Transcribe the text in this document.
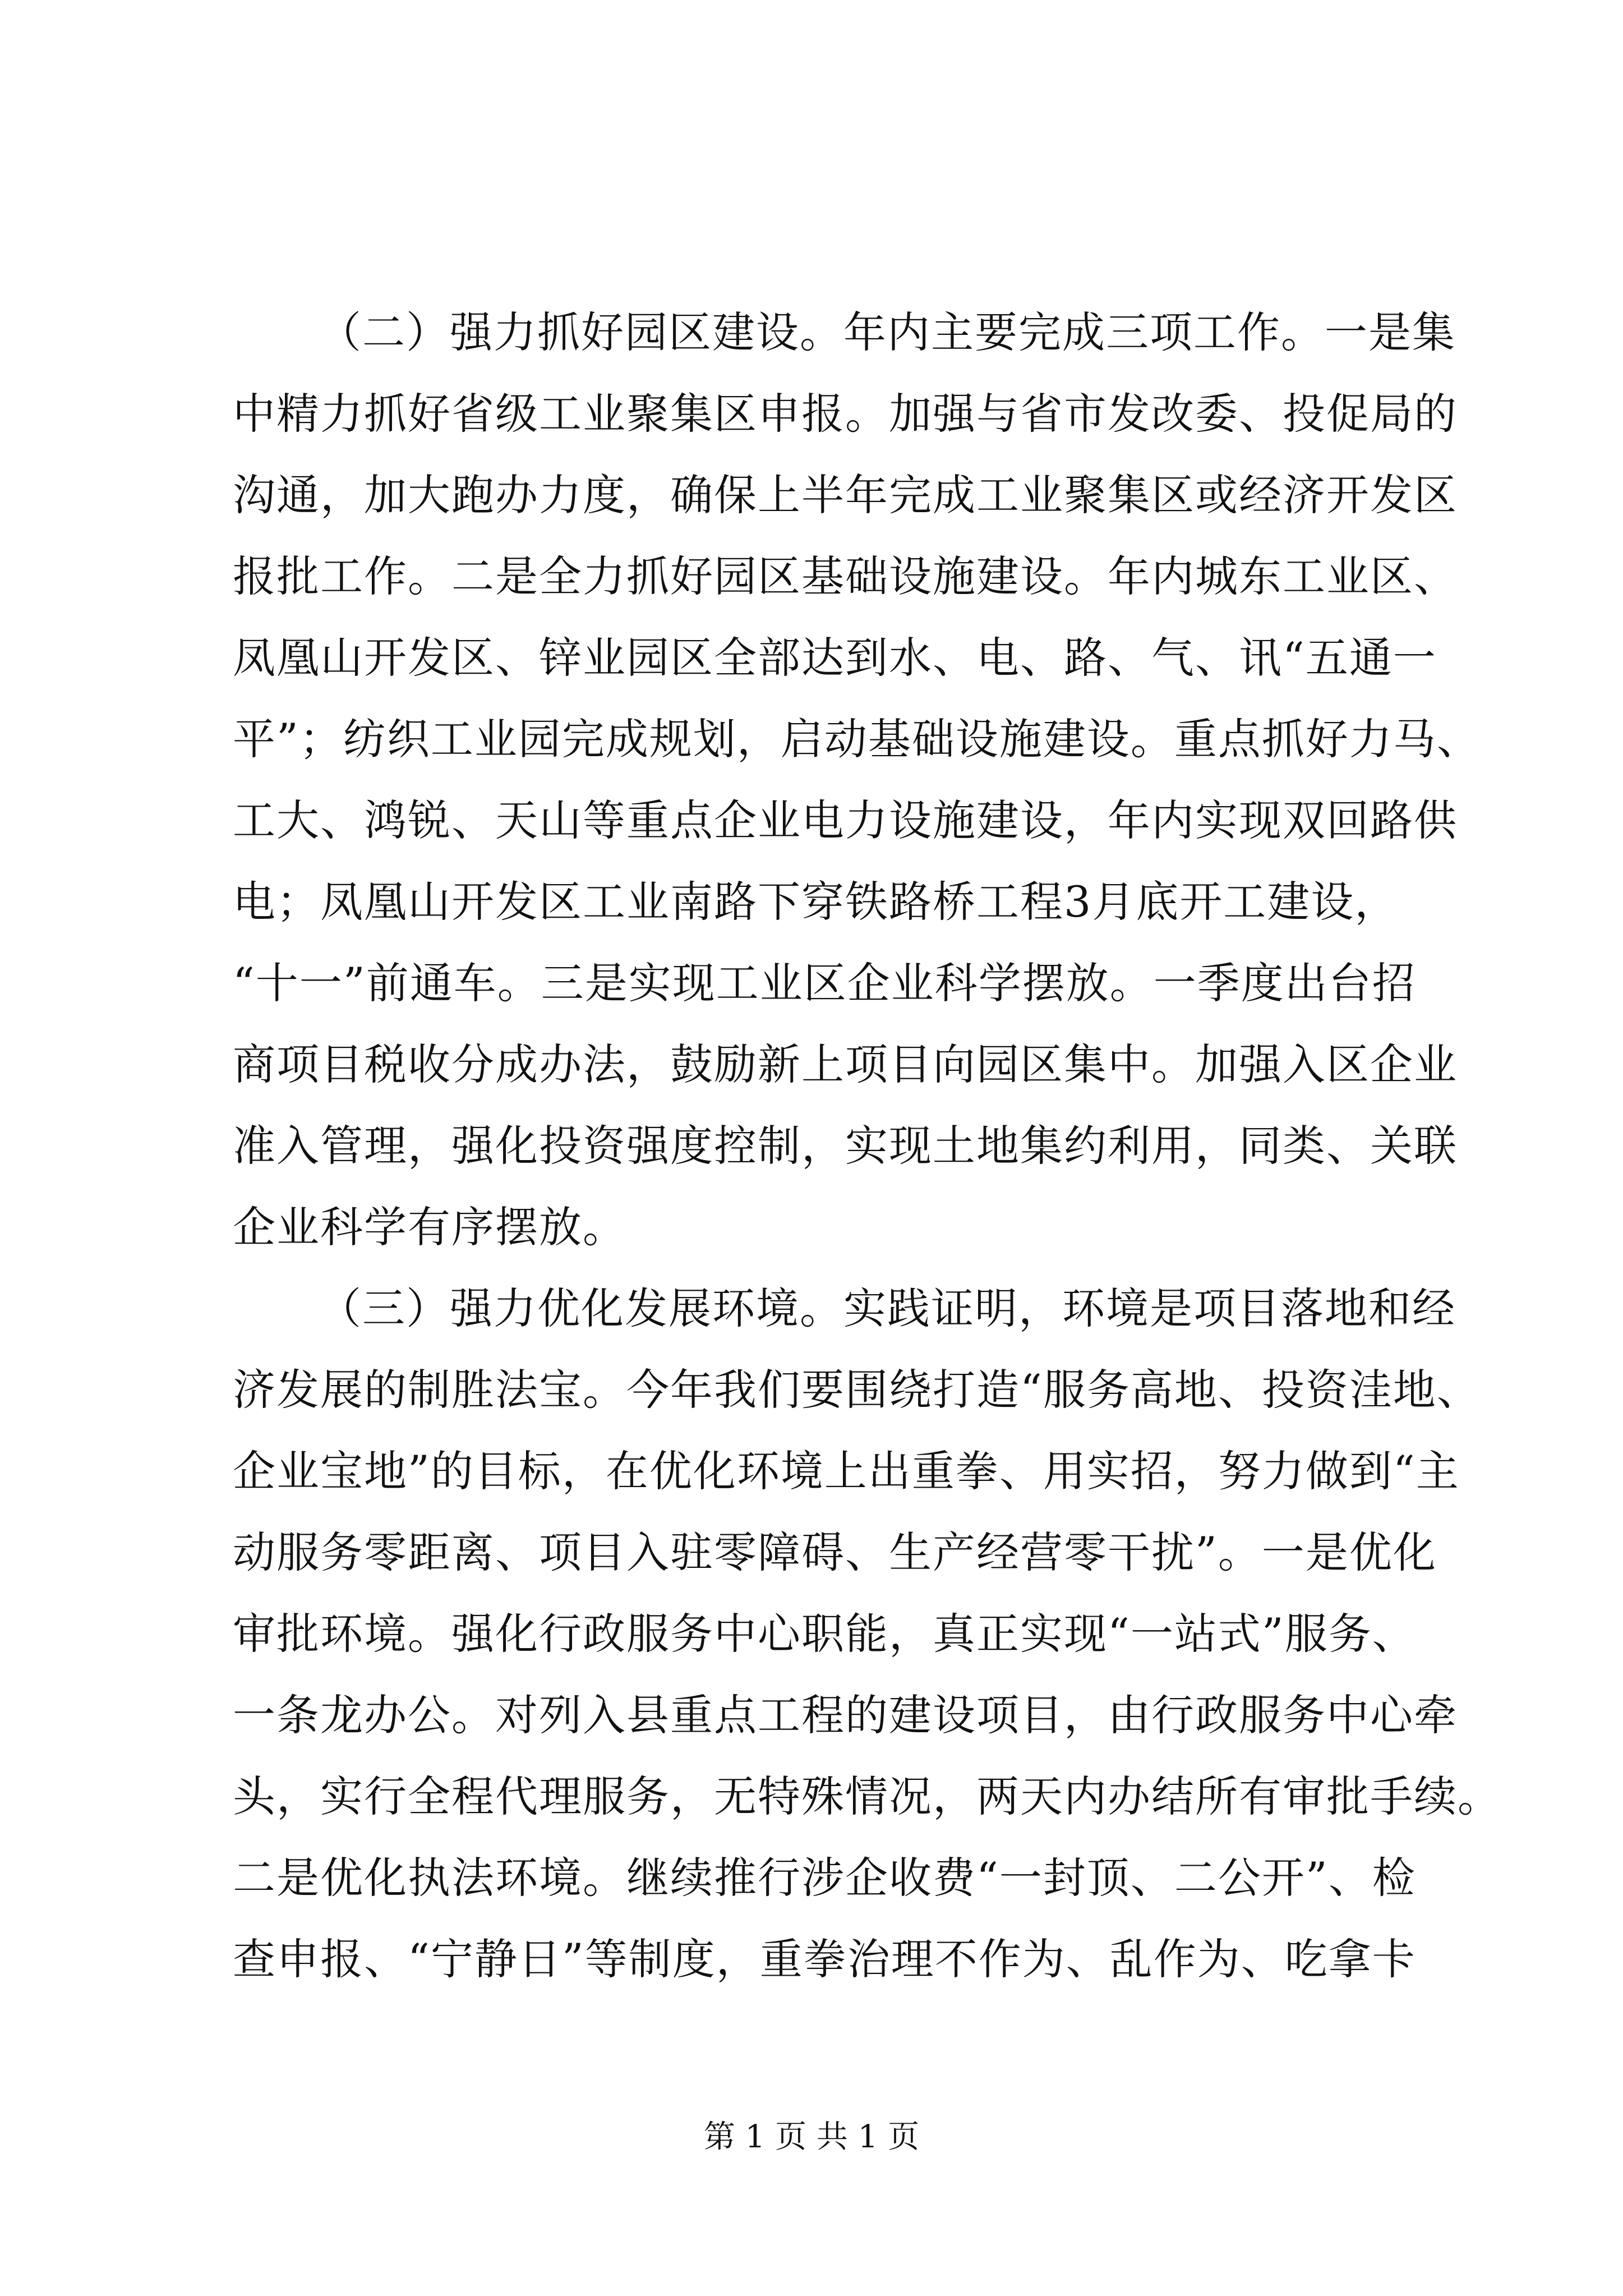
（二）强力抓好园区建设。年内主要完成三项工作。一是集
中精力抓好省级工业聚集区申报。加强与省市发改委、投促局的
沟通，加大跑办力度，确保上半年完成工业聚集区或经济开发区
报批工作。二是全力抓好园区基础设施建设。年内城东工业区、
凤凰山开发区、锌业园区全部达到水、电、路、气、讯“五通一
平”；纺织工业园完成规划，启动基础设施建设。重点抓好力马、
工大、鸿锐、天山等重点企业电力设施建设，年内实现双回路供
电；凤凰山开发区工业南路下穿铁路桥工程3月底开工建设，
“十一”前通车。三是实现工业区企业科学摆放。一季度出台招
商项目税收分成办法，鼓励新上项目向园区集中。加强入区企业
准入管理，强化投资强度控制，实现土地集约利用，同类、关联
企业科学有序摆放。
（三）强力优化发展环境。实践证明，环境是项目落地和经
济发展的制胜法宝。今年我们要围绕打造“服务高地、投资洼地、
企业宝地”的目标，在优化环境上出重拳、用实招，努力做到“主
动服务零距离、项目入驻零障碍、生产经营零干扰”。一是优化
审批环境。强化行政服务中心职能，真正实现“一站式”服务、
一条龙办公。对列入县重点工程的建设项目，由行政服务中心牵
头，实行全程代理服务，无特殊情况，两天内办结所有审批手续。
二是优化执法环境。继续推行涉企收费“一封顶、二公开”、检
查申报、“宁静日”等制度，重拳治理不作为、乱作为、吃拿卡
第 1 页 共 1 页
